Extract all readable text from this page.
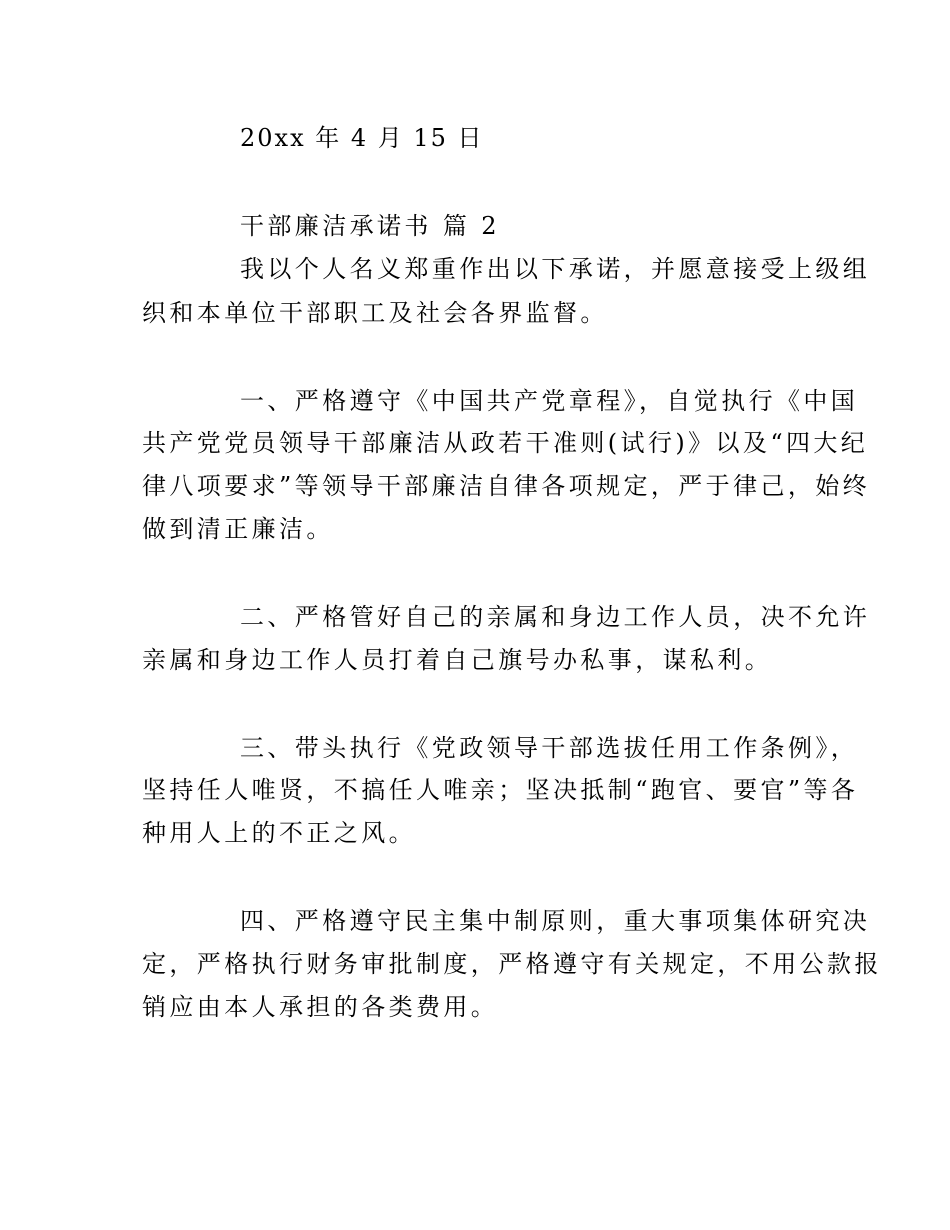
20xx 年 4 月 15 日
干部廉洁承诺书 篇 2
我以个人名义郑重作出以下承诺，并愿意接受上级组
织和本单位干部职工及社会各界监督。
一、严格遵守《中国共产党章程》，自觉执行《中国
共产党党员领导干部廉洁从政若干准则(试行)》以及“四大纪
律八项要求”等领导干部廉洁自律各项规定，严于律己，始终
做到清正廉洁。
二、严格管好自己的亲属和身边工作人员，决不允许
亲属和身边工作人员打着自己旗号办私事，谋私利。
三、带头执行《党政领导干部选拔任用工作条例》，
坚持任人唯贤，不搞任人唯亲；坚决抵制“跑官、要官”等各
种用人上的不正之风。
四、严格遵守民主集中制原则，重大事项集体研究决
定，严格执行财务审批制度，严格遵守有关规定，不用公款报
销应由本人承担的各类费用。
